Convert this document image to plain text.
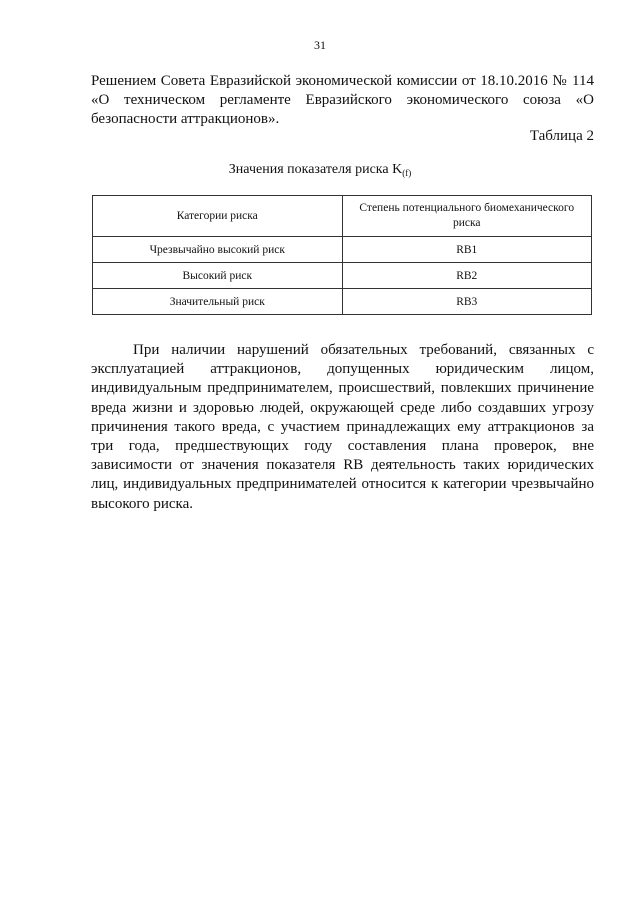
31

Решением Совета Евразийской экономической комиссии от 18.10.2016 № 114 «О техническом регламенте Евразийского экономического союза «О безопасности аттракционов».

Таблица 2

Значения показателя риска $K_{(f)}$

Категории риска	Степень потенциального биомеханического риска
Чрезвычайно высокий риск	RB1
Высокий риск	RB2
Значительный риск	RB3

При наличии нарушений обязательных требований, связанных с эксплуатацией аттракционов, допущенных юридическим лицом, индивидуальным предпринимателем, происшествий, повлекших причинение вреда жизни и здоровью людей, окружающей среде либо создавших угрозу причинения такого вреда, с участием принадлежащих ему аттракционов за три года, предшествующих году составления плана проверок, вне зависимости от значения показателя RB деятельность таких юридических лиц, индивидуальных предпринимателей относится к категории чрезвычайно высокого риска.
